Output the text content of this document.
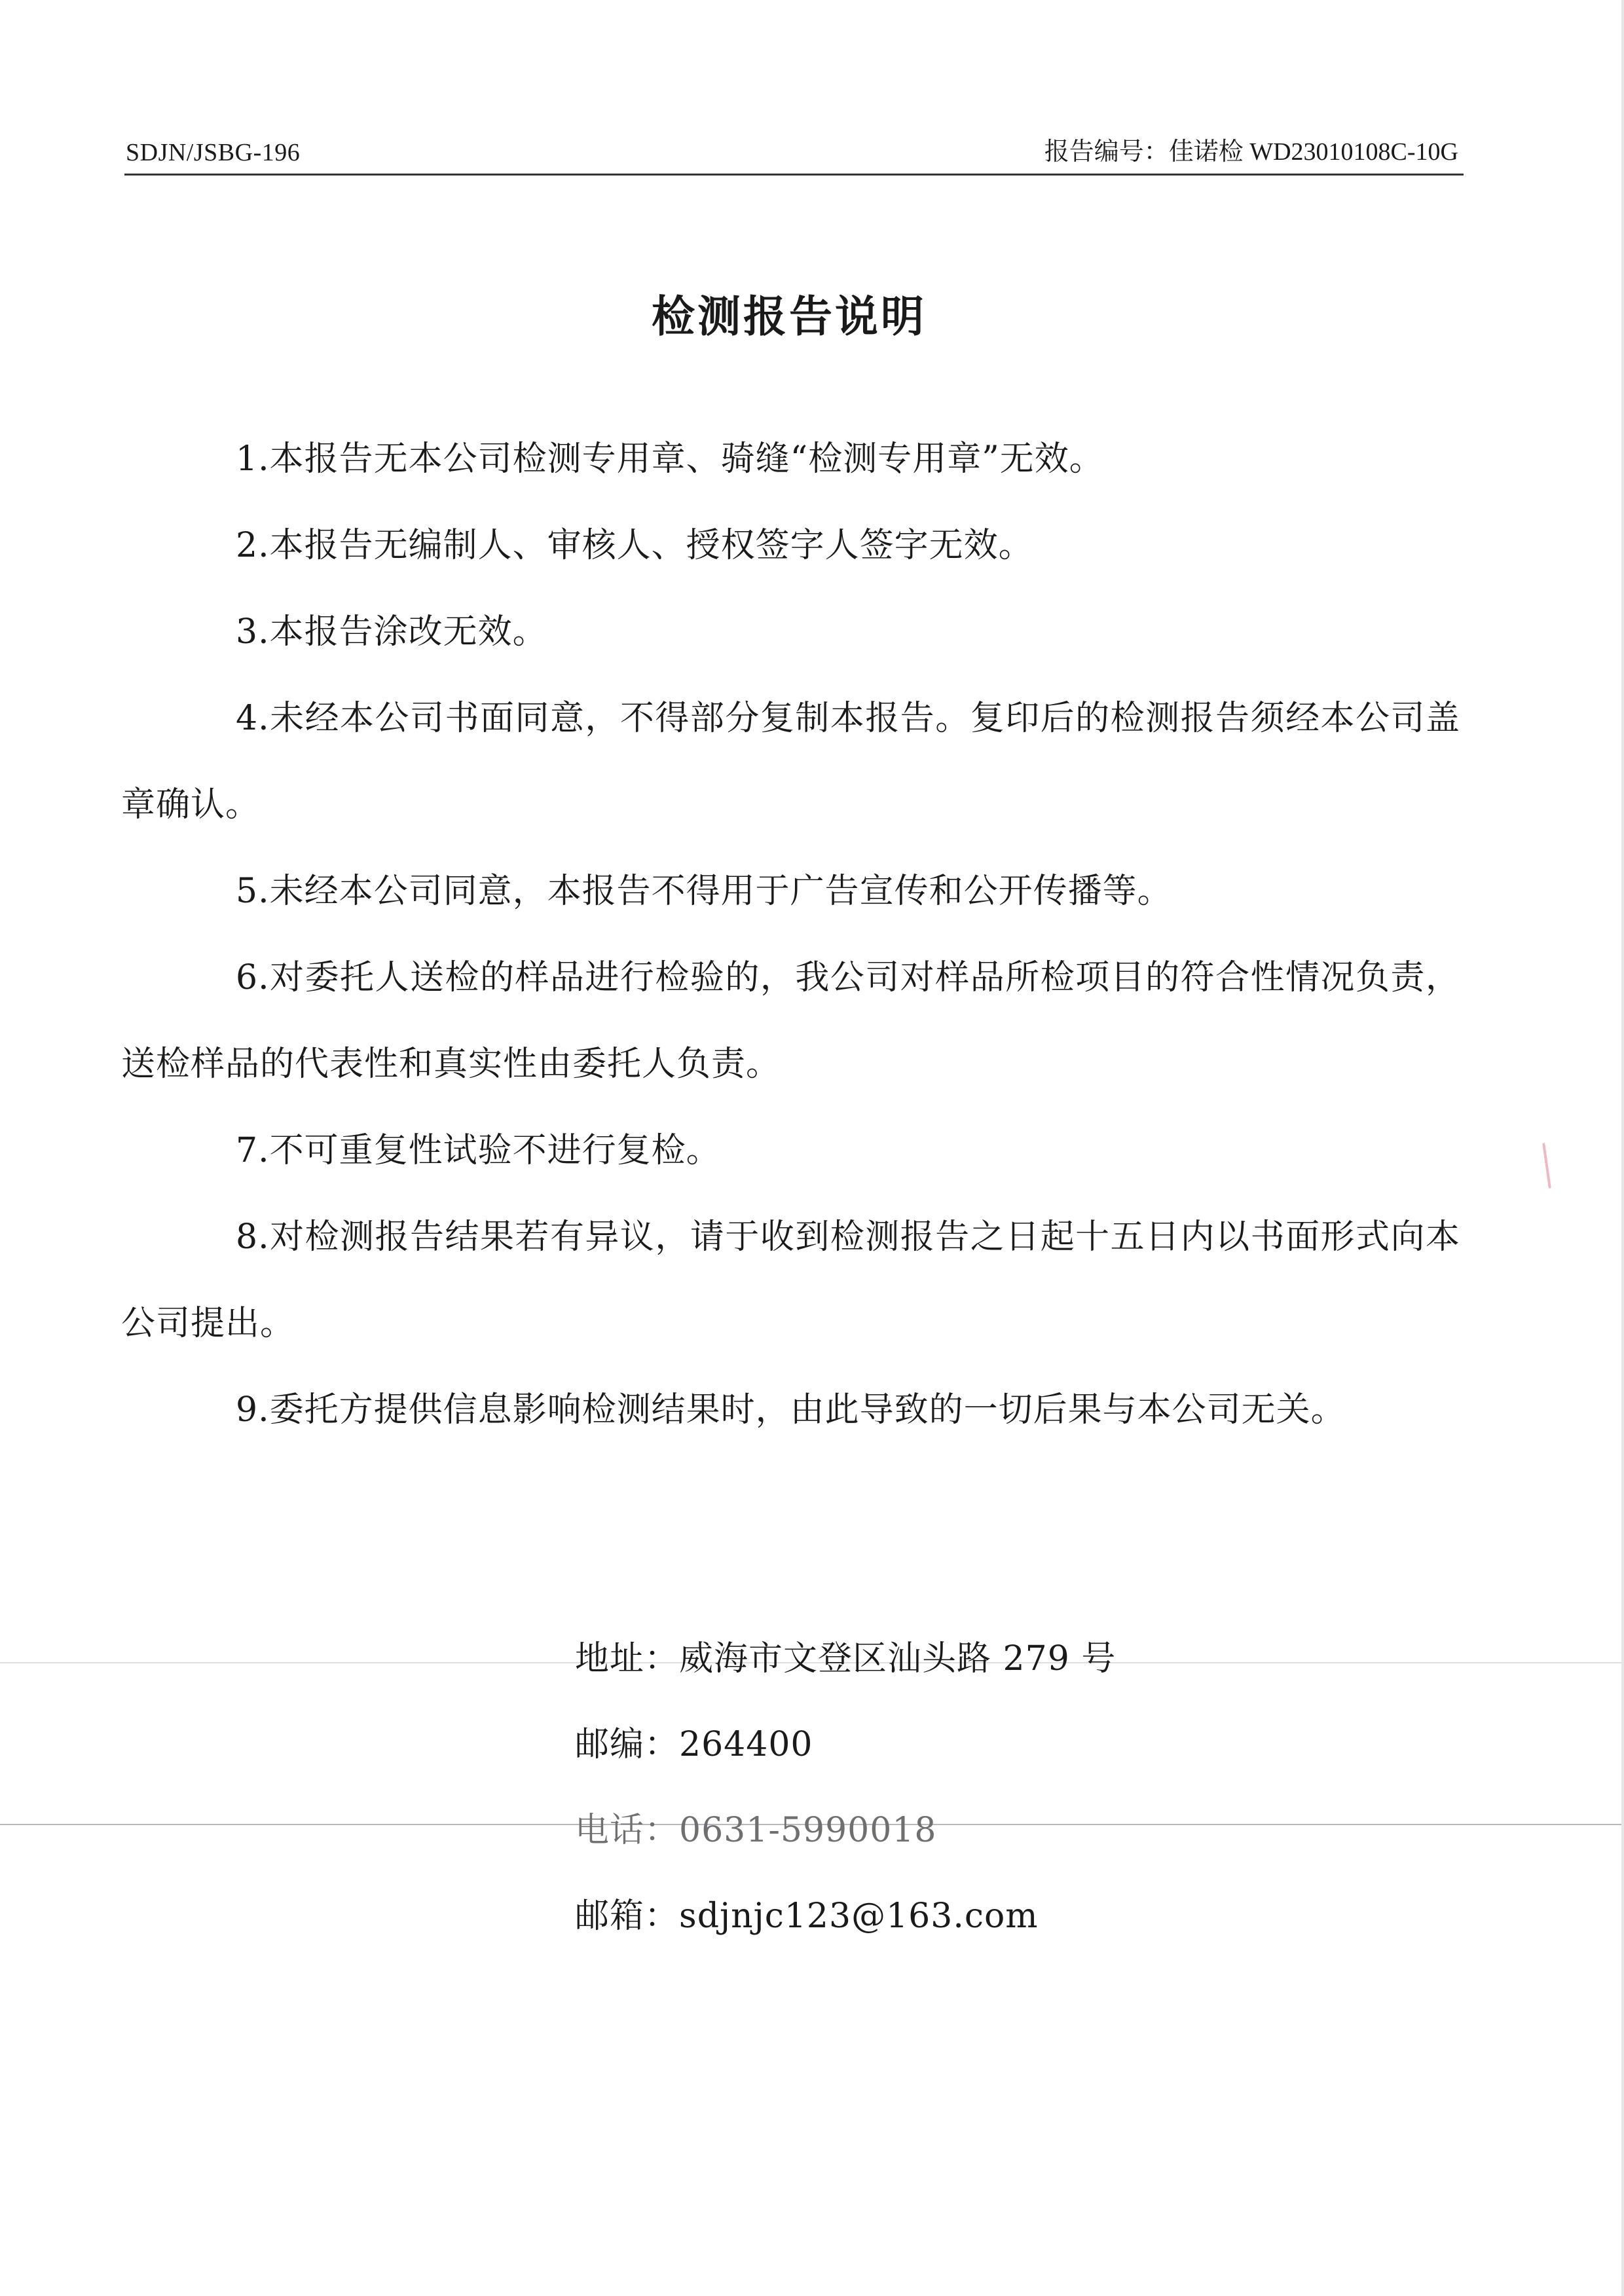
SDJN/JSBG-196	报告编号：佳诺检 WD23010108C-10G
检测报告说明

1.本报告无本公司检测专用章、骑缝“检测专用章”无效。

2.本报告无编制人、审核人、授权签字人签字无效。

3.本报告涂改无效。

4.未经本公司书面同意，不得部分复制本报告。复印后的检测报告须经本公司盖章确认。

5.未经本公司同意，本报告不得用于广告宣传和公开传播等。

6.对委托人送检的样品进行检验的，我公司对样品所检项目的符合性情况负责，送检样品的代表性和真实性由委托人负责。

7.不可重复性试验不进行复检。

8.对检测报告结果若有异议，请于收到检测报告之日起十五日内以书面形式向本公司提出。

9.委托方提供信息影响检测结果时，由此导致的一切后果与本公司无关。

地址：威海市文登区汕头路 279 号
邮编：264400
电话：0631-5990018
邮箱：sdjnjc123@163.com
